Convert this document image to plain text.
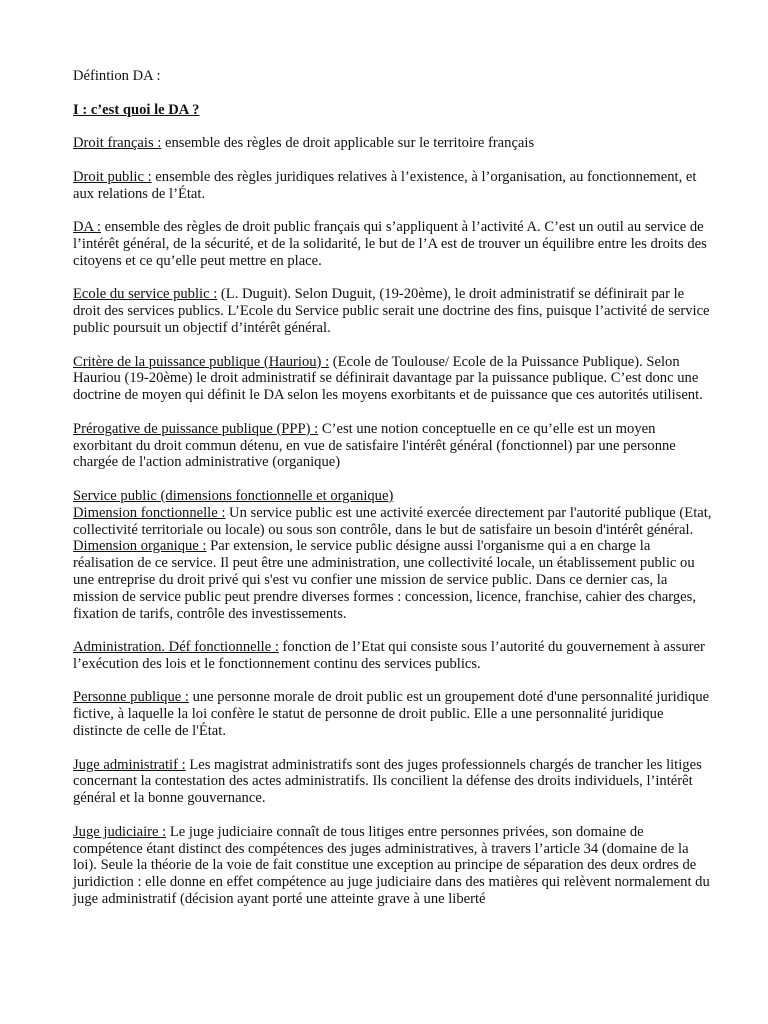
Défintion DA :

I : c’est quoi le DA ?

Droit français : ensemble des règles de droit applicable sur le territoire français

Droit public : ensemble des règles juridiques relatives à l’existence, à l’organisation, au fonctionnement, et aux relations de l’État.

DA : ensemble des règles de droit public français qui s’appliquent à l’activité A. C’est un outil au service de l’intérêt général, de la sécurité, et de la solidarité, le but de l’A est de trouver un équilibre entre les droits des citoyens et ce qu’elle peut mettre en place.

Ecole du service public : (L. Duguit). Selon Duguit, (19-20ème), le droit administratif se définirait par le droit des services publics. L’Ecole du Service public serait une doctrine des fins, puisque l’activité de service public poursuit un objectif d’intérêt général.

Critère de la puissance publique (Hauriou) : (Ecole de Toulouse/ Ecole de la Puissance Publique). Selon Hauriou (19-20ème) le droit administratif se définirait davantage par la puissance publique. C’est donc une doctrine de moyen qui définit le DA selon les moyens exorbitants et de puissance que ces autorités utilisent.

Prérogative de puissance publique (PPP) : C’est une notion conceptuelle en ce qu’elle est un moyen exorbitant du droit commun détenu, en vue de satisfaire l'intérêt général (fonctionnel) par une personne chargée de l'action administrative (organique)

Service public (dimensions fonctionnelle et organique)

Dimension fonctionnelle : Un service public est une activité exercée directement par l'autorité publique (Etat, collectivité territoriale ou locale) ou sous son contrôle, dans le but de satisfaire un besoin d'intérêt général.

Dimension organique : Par extension, le service public désigne aussi l'organisme qui a en charge la réalisation de ce service. Il peut être une administration, une collectivité locale, un établissement public ou une entreprise du droit privé qui s'est vu confier une mission de service public. Dans ce dernier cas, la mission de service public peut prendre diverses formes : concession, licence, franchise, cahier des charges, fixation de tarifs, contrôle des investissements.

Administration. Déf fonctionnelle : fonction de l’Etat qui consiste sous l’autorité du gouvernement à assurer l’exécution des lois et le fonctionnement continu des services publics.

Personne publique : une personne morale de droit public est un groupement doté d'une personnalité juridique fictive, à laquelle la loi confère le statut de personne de droit public. Elle a une personnalité juridique distincte de celle de l'État.

Juge administratif : Les magistrat administratifs sont des juges professionnels chargés de trancher les litiges concernant la contestation des actes administratifs. Ils concilient la défense des droits individuels, l’intérêt général et la bonne gouvernance.

Juge judiciaire : Le juge judiciaire connaît de tous litiges entre personnes privées, son domaine de compétence étant distinct des compétences des juges administratives, à travers l’article 34 (domaine de la loi). Seule la théorie de la voie de fait constitue une exception au principe de séparation des deux ordres de juridiction : elle donne en effet compétence au juge judiciaire dans des matières qui relèvent normalement du juge administratif (décision ayant porté une atteinte grave à une liberté
